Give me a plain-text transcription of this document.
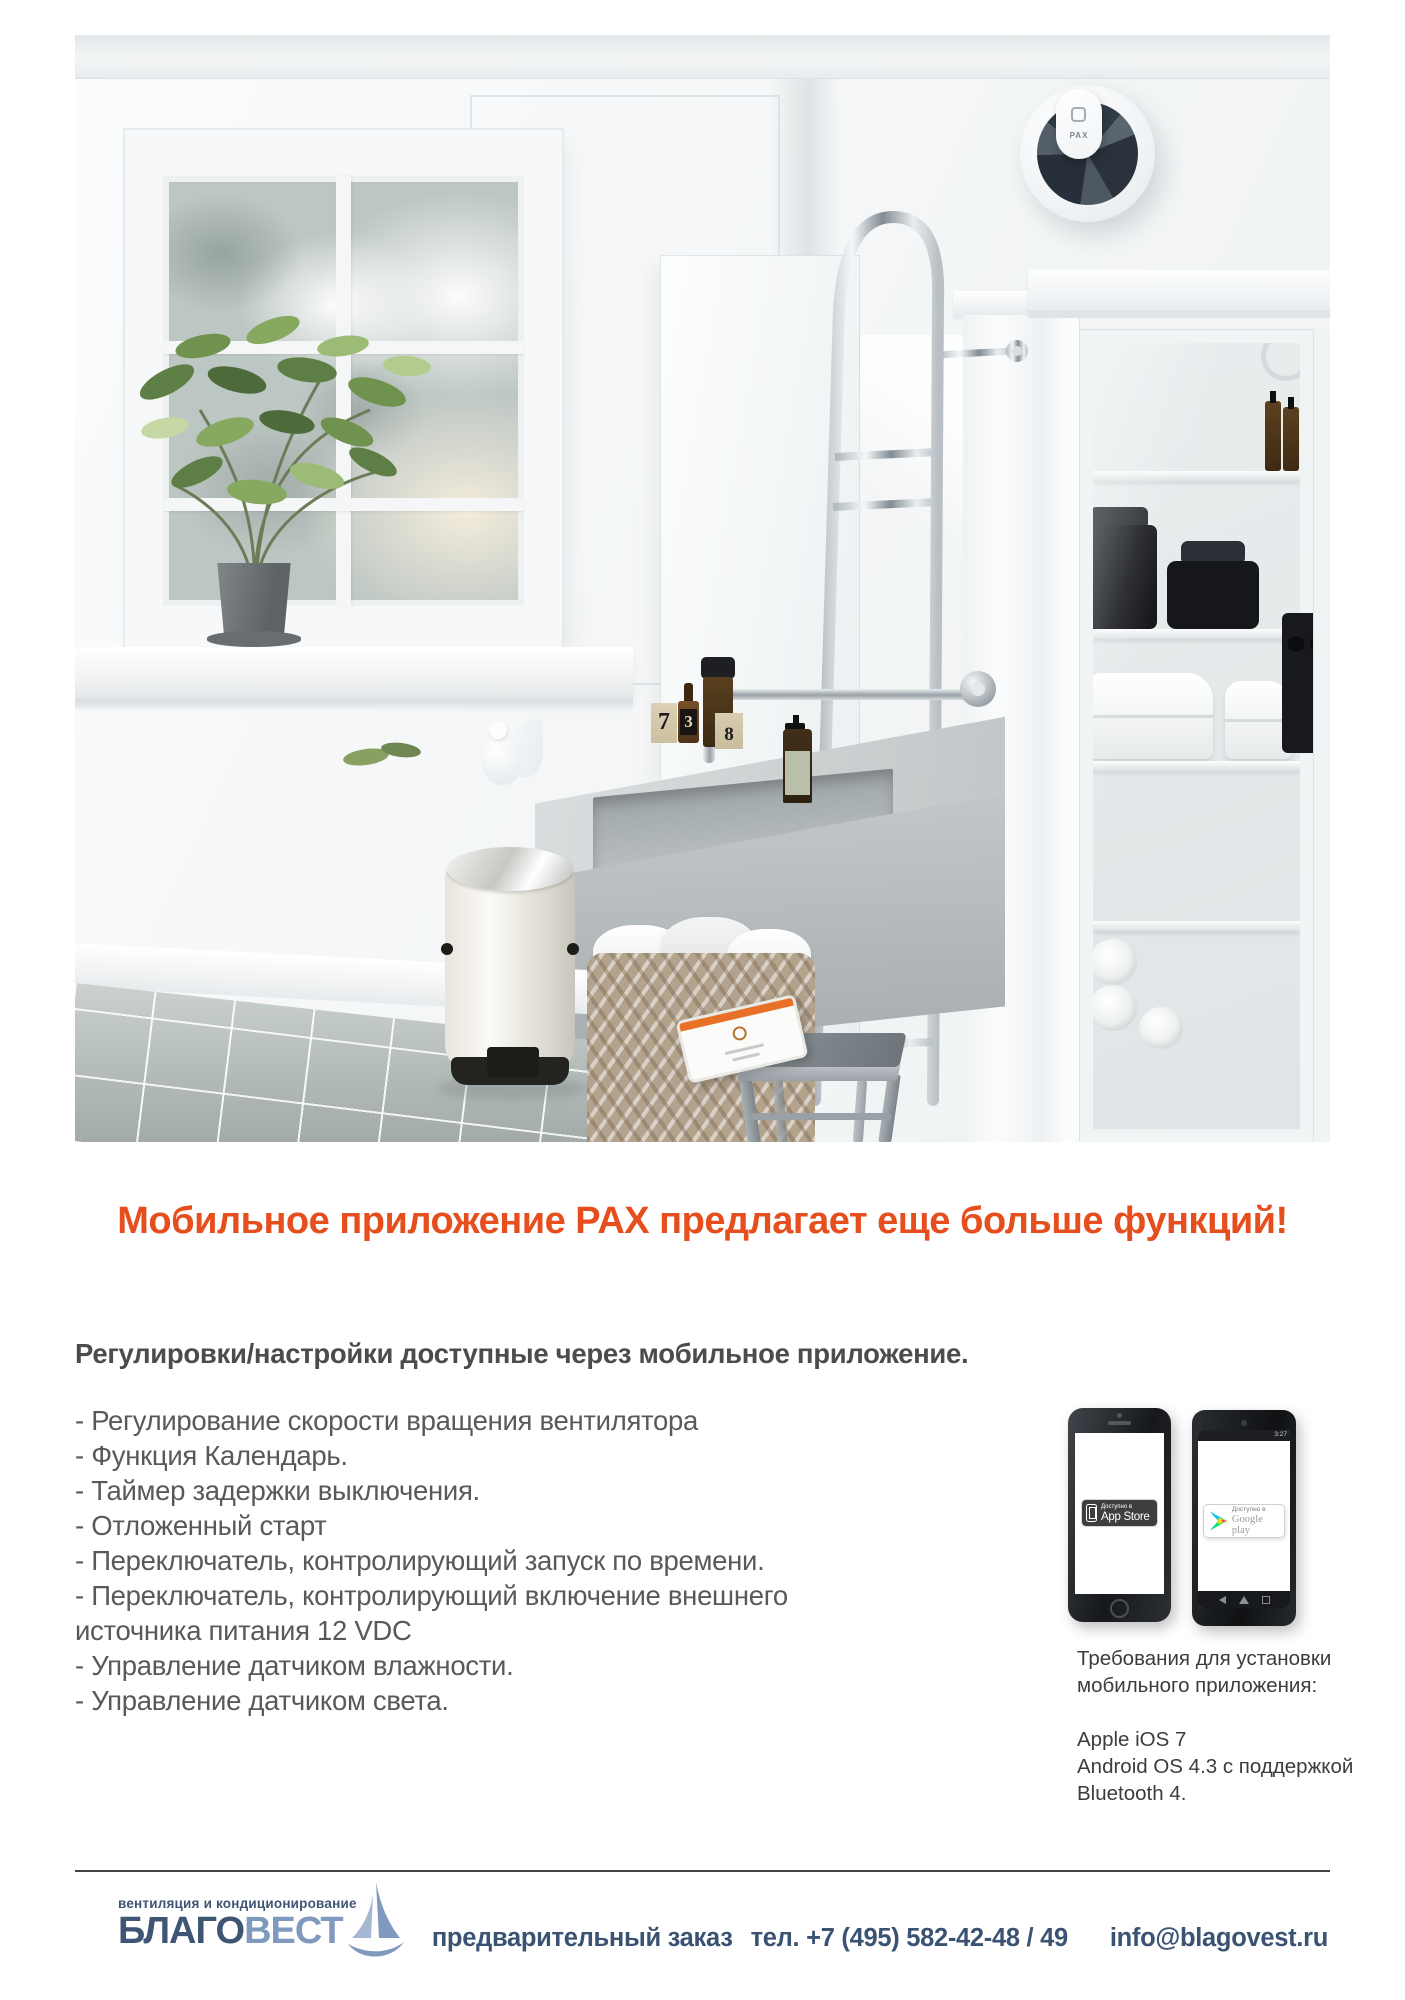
PAX
7 3
8
Мобильное приложение PAX предлагает еще больше функций!
Регулировки/настройки доступные через мобильное приложение.
- Регулирование скорости вращения вентилятора
- Функция Календарь.
- Таймер задержки выключения.
- Отложенный старт
- Переключатель, контролирующий запуск по времени.
- Переключатель, контролирующий включение внешнего источника питания 12 VDC
- Управление датчиком влажности.
- Управление датчиком света.
Доступно в
App Store
3:27
Доступно в
Google play
Требования для установки мобильного приложения:
Apple iOS 7
Android OS 4.3 с поддержкой Bluetooth 4.
вентиляция и кондиционирование
БЛАГОВЕСТ	предварительный заказ тел. +7 (495) 582-42-48 / 49 info@blagovest.ru
